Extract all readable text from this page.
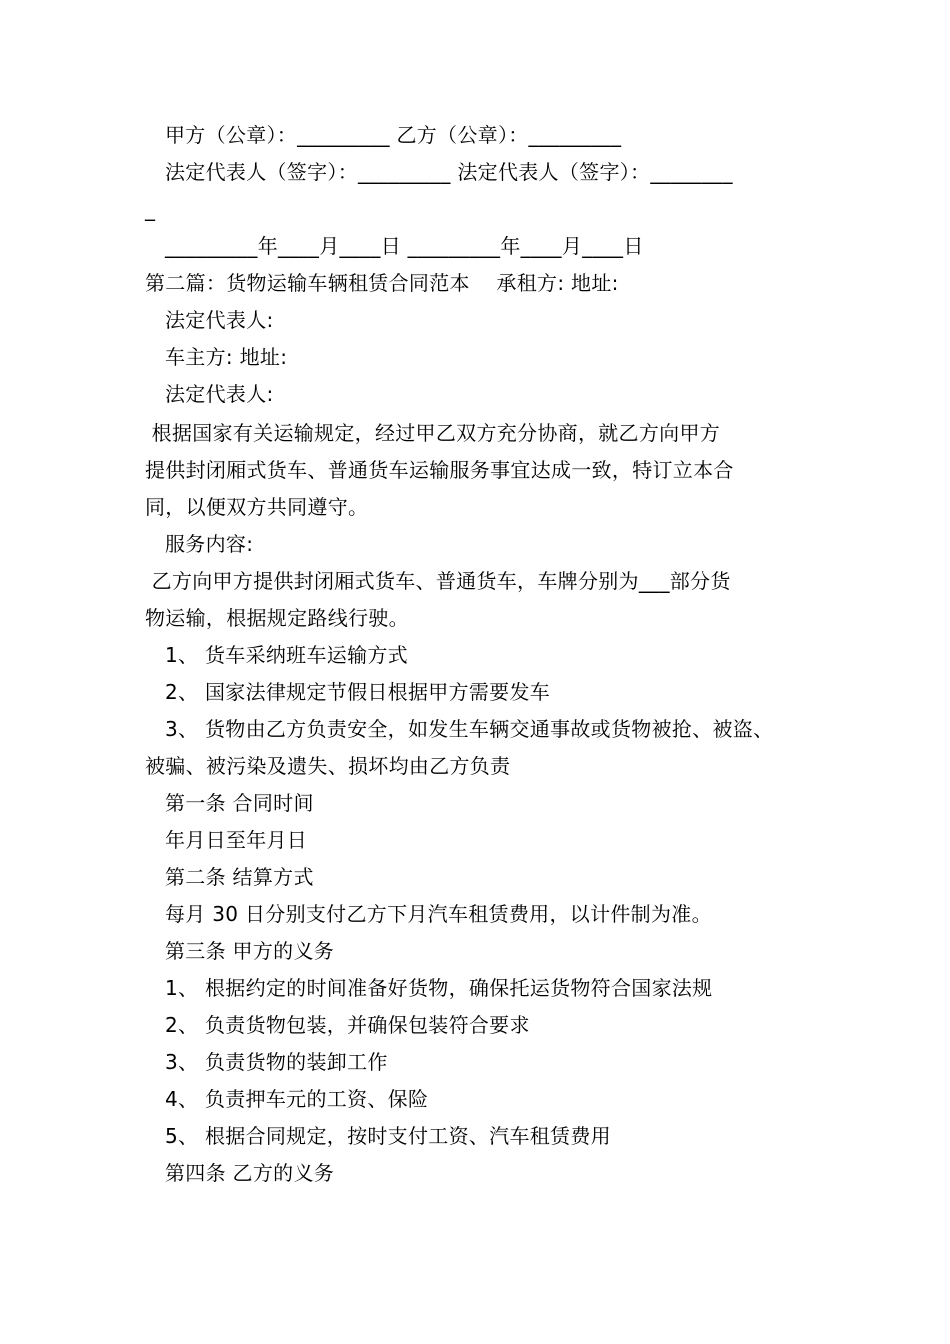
甲方（公章）：_________ 乙方（公章）：_________
法定代表人（签字）：_________ 法定代表人（签字）：________
_
_________年____月____日 _________年____月____日
第二篇：货物运输车辆租赁合同范本    承租方: 地址:
法定代表人:
车主方: 地址:
法定代表人:
根据国家有关运输规定，经过甲乙双方充分协商，就乙方向甲方
提供封闭厢式货车、普通货车运输服务事宜达成一致，特订立本合
同，以便双方共同遵守。
服务内容:
乙方向甲方提供封闭厢式货车、普通货车，车牌分别为___部分货
物运输，根据规定路线行驶。
1、 货车采纳班车运输方式
2、 国家法律规定节假日根据甲方需要发车
3、 货物由乙方负责安全，如发生车辆交通事故或货物被抢、被盗、
被骗、被污染及遗失、损坏均由乙方负责
第一条 合同时间
年月日至年月日
第二条 结算方式
每月 30 日分别支付乙方下月汽车租赁费用，以计件制为准。
第三条 甲方的义务
1、 根据约定的时间准备好货物，确保托运货物符合国家法规
2、 负责货物包装，并确保包装符合要求
3、 负责货物的装卸工作
4、 负责押车元的工资、保险
5、 根据合同规定，按时支付工资、汽车租赁费用
第四条 乙方的义务
